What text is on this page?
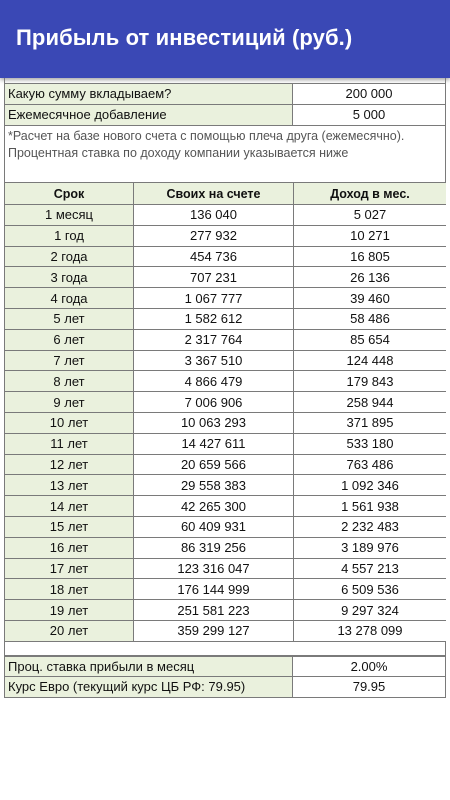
Прибыль от инвестиций (руб.)
Какую сумму вкладываем?	200 000
Ежемесячное добавление	5 000
*Расчет на базе нового счета с помощью плеча друга (ежемесячно). Процентная ставка по доходу компании указывается ниже
Срок	Своих на счете	Доход в мес.
1 месяц	136 040	5 027
1 год	277 932	10 271
2 года	454 736	16 805
3 года	707 231	26 136
4 года	1 067 777	39 460
5 лет	1 582 612	58 486
6 лет	2 317 764	85 654
7 лет	3 367 510	124 448
8 лет	4 866 479	179 843
9 лет	7 006 906	258 944
10 лет	10 063 293	371 895
11 лет	14 427 611	533 180
12 лет	20 659 566	763 486
13 лет	29 558 383	1 092 346
14 лет	42 265 300	1 561 938
15 лет	60 409 931	2 232 483
16 лет	86 319 256	3 189 976
17 лет	123 316 047	4 557 213
18 лет	176 144 999	6 509 536
19 лет	251 581 223	9 297 324
20 лет	359 299 127	13 278 099
Проц. ставка прибыли в месяц	2.00%
Курс Евро (текущий курс ЦБ РФ: 79.95)	79.95
